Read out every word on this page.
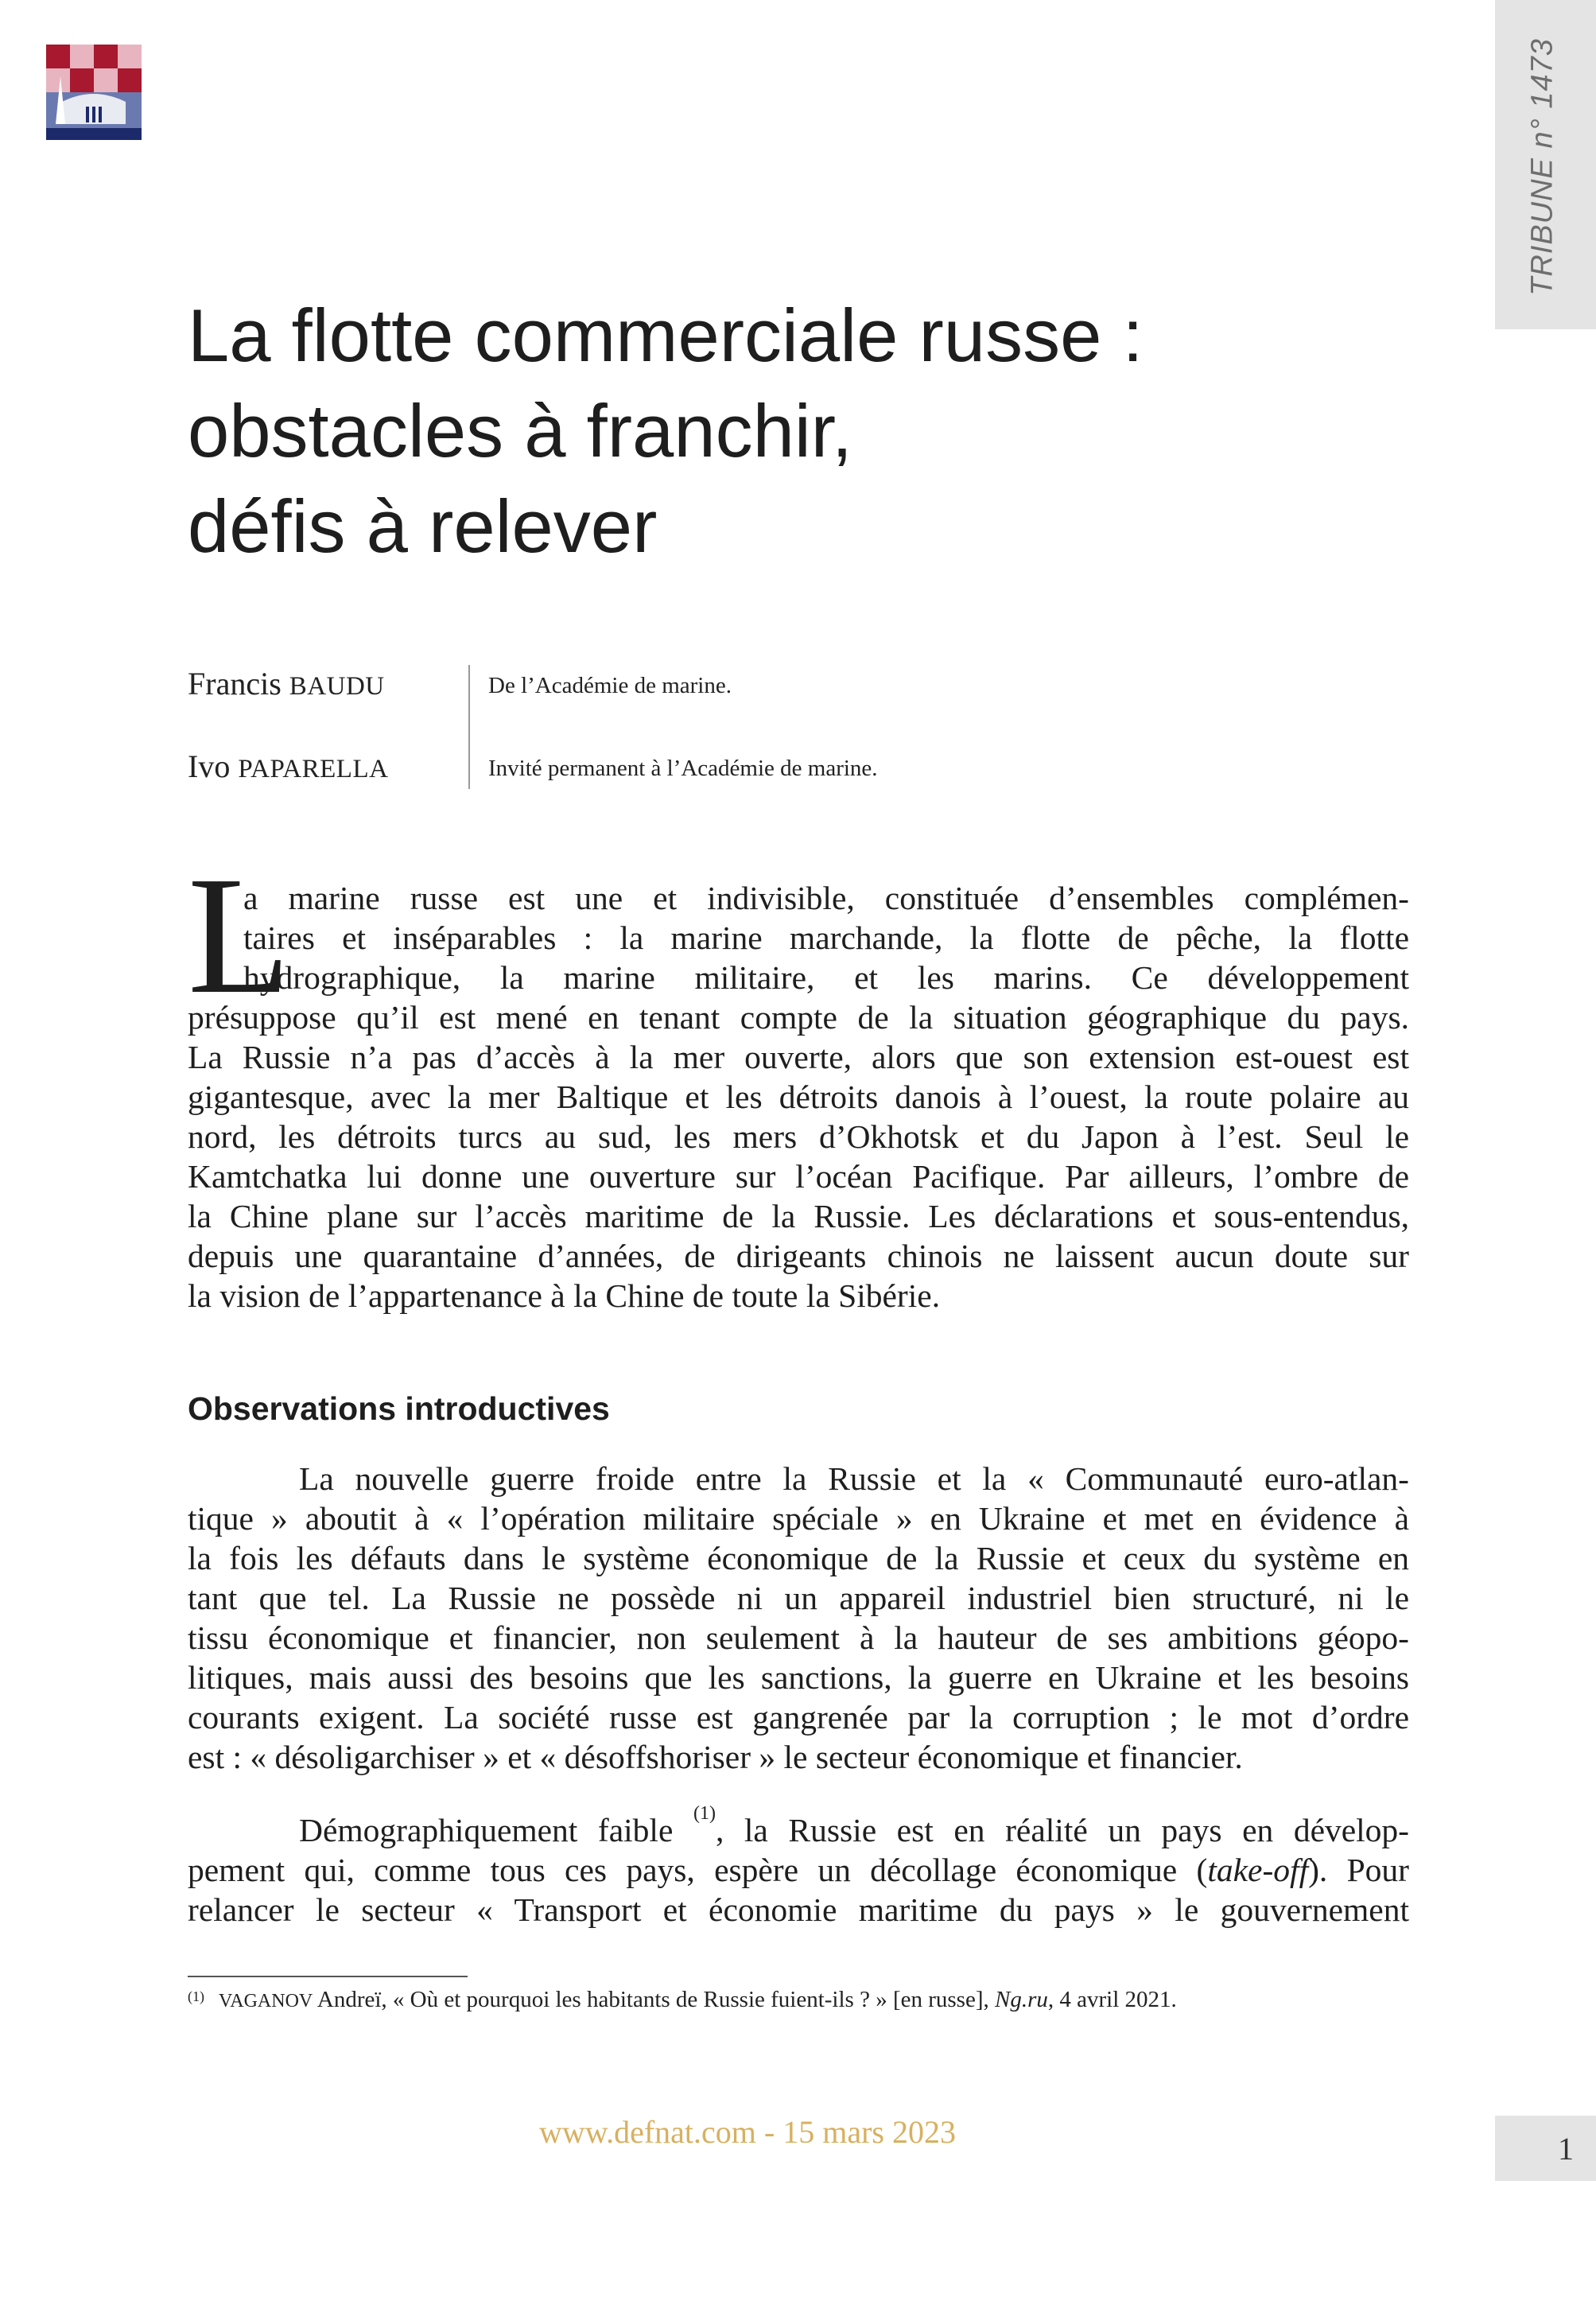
TRIBUNE n° 1473
La flotte commerciale russe :
obstacles à franchir,
défis à relever
Francis BAUDU	De l’Académie de marine.
Ivo PAPARELLA	Invité permanent à l’Académie de marine.
L
a marine russe est une et indivisible, constituée d’ensembles complémen-
taires et inséparables : la marine marchande, la flotte de pêche, la flotte
hydrographique, la marine militaire, et les marins. Ce développement
présuppose qu’il est mené en tenant compte de la situation géographique du pays.
La Russie n’a pas d’accès à la mer ouverte, alors que son extension est-ouest est
gigantesque, avec la mer Baltique et les détroits danois à l’ouest, la route polaire au
nord, les détroits turcs au sud, les mers d’Okhotsk et du Japon à l’est. Seul le
Kamtchatka lui donne une ouverture sur l’océan Pacifique. Par ailleurs, l’ombre de
la Chine plane sur l’accès maritime de la Russie. Les déclarations et sous-entendus,
depuis une quarantaine d’années, de dirigeants chinois ne laissent aucun doute sur
la vision de l’appartenance à la Chine de toute la Sibérie.
Observations introductives
La nouvelle guerre froide entre la Russie et la « Communauté euro-atlan-
tique » aboutit à « l’opération militaire spéciale » en Ukraine et met en évidence à
la fois les défauts dans le système économique de la Russie et ceux du système en
tant que tel. La Russie ne possède ni un appareil industriel bien structuré, ni le
tissu économique et financier, non seulement à la hauteur de ses ambitions géopo-
litiques, mais aussi des besoins que les sanctions, la guerre en Ukraine et les besoins
courants exigent. La société russe est gangrenée par la corruption ; le mot d’ordre
est : « désoligarchiser » et « désoffshoriser » le secteur économique et financier.
Démographiquement faible $^{(1)}$, la Russie est en réalité un pays en dévelop-
pement qui, comme tous ces pays, espère un décollage économique (take-off). Pour
relancer le secteur « Transport et économie maritime du pays » le gouvernement
$^{(1)}$ VAGANOV Andreï, « Où et pourquoi les habitants de Russie fuient-ils ? » [en russe], Ng.ru, 4 avril 2021.
www.defnat.com - 15 mars 2023	1
